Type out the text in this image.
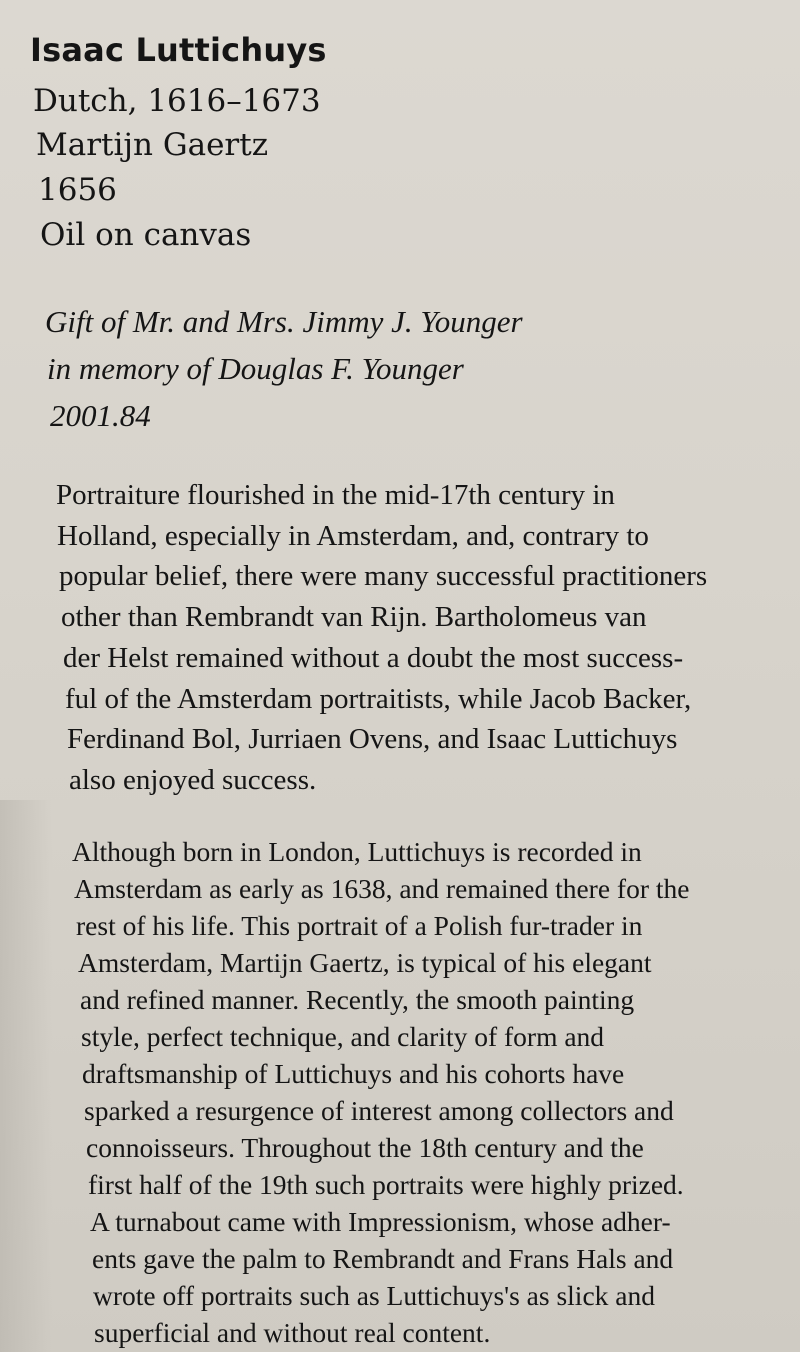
Isaac Luttichuys

Dutch, 1616–1673

Martijn Gaertz

1656

Oil on canvas

Gift of Mr. and Mrs. Jimmy J. Younger

in memory of Douglas F. Younger

2001.84

Portraiture flourished in the mid-17th century in
Holland, especially in Amsterdam, and, contrary to
popular belief, there were many successful practitioners
other than Rembrandt van Rijn. Bartholomeus van
der Helst remained without a doubt the most success-
ful of the Amsterdam portraitists, while Jacob Backer,
Ferdinand Bol, Jurriaen Ovens, and Isaac Luttichuys
also enjoyed success.
Although born in London, Luttichuys is recorded in
Amsterdam as early as 1638, and remained there for the
rest of his life. This portrait of a Polish fur-trader in
Amsterdam, Martijn Gaertz, is typical of his elegant
and refined manner. Recently, the smooth painting
style, perfect technique, and clarity of form and
draftsmanship of Luttichuys and his cohorts have
sparked a resurgence of interest among collectors and
connoisseurs. Throughout the 18th century and the
first half of the 19th such portraits were highly prized.
A turnabout came with Impressionism, whose adher-
ents gave the palm to Rembrandt and Frans Hals and
wrote off portraits such as Luttichuys's as slick and
superficial and without real content.
